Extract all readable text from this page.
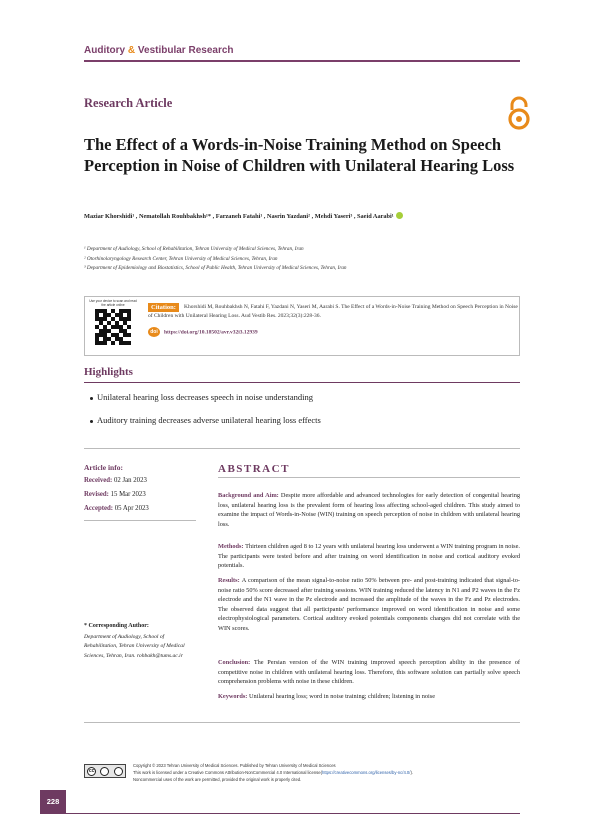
Auditory & Vestibular Research
Research Article
The Effect of a Words-in-Noise Training Method on Speech Perception in Noise of Children with Unilateral Hearing Loss
Maziar Khorshidi¹ , Nematollah Rouhbakhsh¹* , Farzaneh Fatahi¹ , Nasrin Yazdani² , Mehdi Yaseri³ , Saeid Aarabi¹
¹ Department of Audiology, School of Rehabilitation, Tehran University of Medical Sciences, Tehran, Iran
² Otorhinolaryngology Research Center, Tehran University of Medical Sciences, Tehran, Iran
³ Department of Epidemiology and Biostatistics, School of Public Health, Tehran University of Medical Sciences, Tehran, Iran
Use your device to scan and read the article online	Khorshidi M, Rouhbakhsh N, Fatahi F, Yazdani N, Yaseri M, Aarabi S. The Effect of a Words-in-Noise Training Method on Speech Perception in Noise of Children with Unilateral Hearing Loss. Aud Vestib Res. 2023;32(3):228-36.
Citation:
doi https://doi.org/10.18502/avr.v32i3.12939
Highlights
Unilateral hearing loss decreases speech in noise understanding
Auditory training decreases adverse unilateral hearing loss effects
Article info:
Received: 02 Jan 2023
Revised: 15 Mar 2023
Accepted: 05 Apr 2023
ABSTRACT
Background and Aim: Despite more affordable and advanced technologies for early detection of congenital hearing loss, unilateral hearing loss is the prevalent form of hearing loss affecting school-aged children. This study aimed to examine the impact of Words-in-Noise (WIN) training on speech perception of noise in children with unilateral hearing loss.
Methods: Thirteen children aged 8 to 12 years with unilateral hearing loss underwent a WIN training program in noise. The participants were tested before and after training on word identification in noise and cortical auditory evoked potentials.
Results: A comparison of the mean signal-to-noise ratio 50% between pre- and post-training indicated that signal-to-noise ratio 50% score decreased after training sessions. WIN training reduced the latency in N1 and P2 waves in the Fz electrode and the N1 wave in the Pz electrode and increased the amplitude of the waves in the Fz and Pz electrodes. The observed data suggest that all participants' performance improved on word identification in noise and some electrophysiological parameters. Cortical auditory evoked potentials components changes did not correlate with the WIN scores.
Conclusion: The Persian version of the WIN training improved speech perception ability in the presence of competitive noise in children with unilateral hearing loss. Therefore, this software solution can partially solve speech comprehension problems with noise in these children.
Keywords: Unilateral hearing loss; word in noise training; children; listening in noise
* Corresponding Author:
Department of Audiology, School of Rehabilitation, Tehran University of Medical Sciences, Tehran, Iran. rohbakh@tums.ac.ir
cc
Copyright © 2023 Tehran University of Medical Sciences. Published by Tehran University of Medical Sciences
This work is licensed under a Creative Commons Attribution-NonCommercial 4.0 International license(https://creativecommons.org/licenses/by-nc/4.0/).
Noncommercial uses of the work are permitted, provided the original work is properly cited.
228
